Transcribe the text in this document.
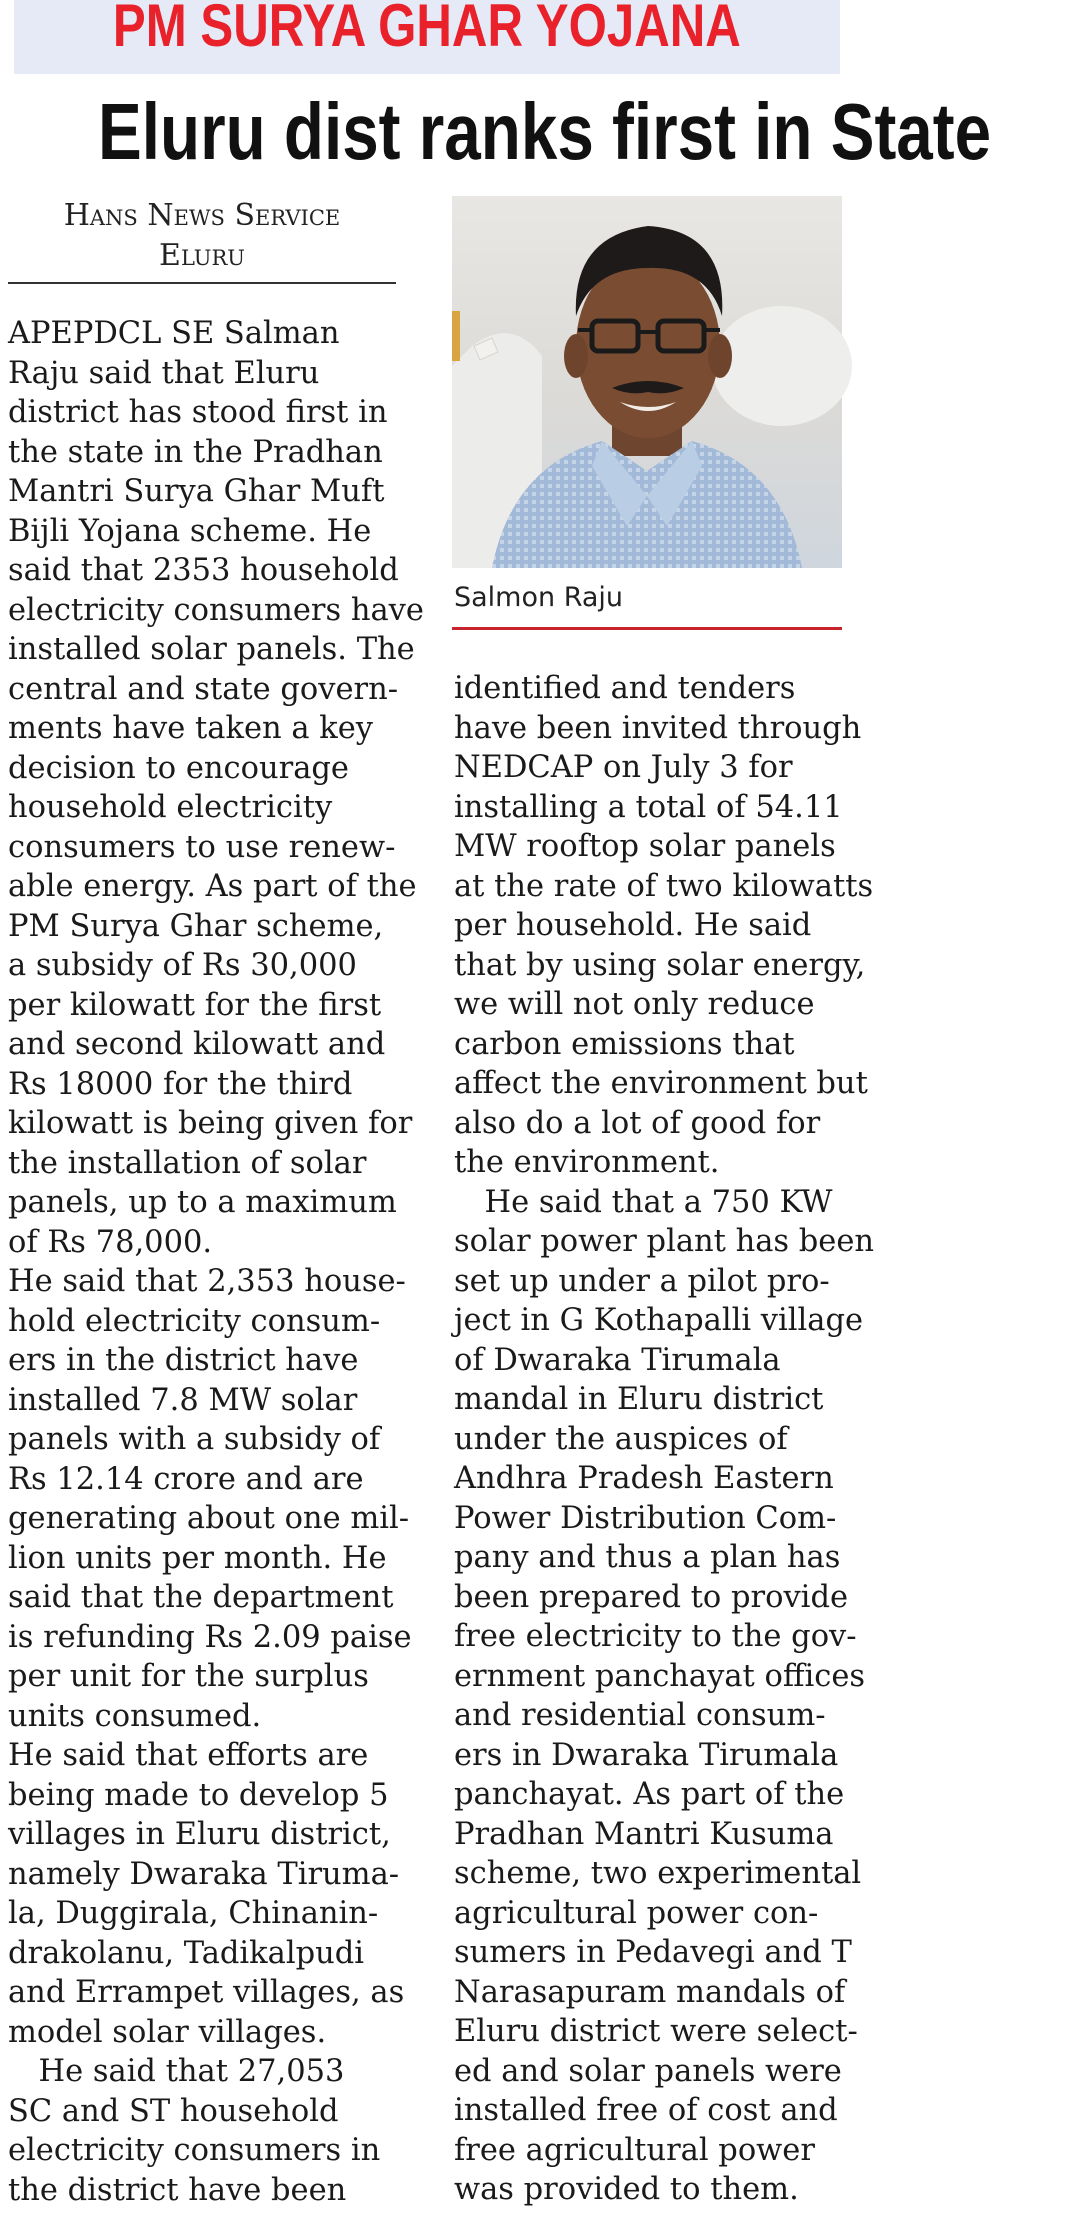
PM SURYA GHAR YOJANA
Eluru dist ranks first in State
Hans News Service
Eluru
Salmon Raju

APEPDCL SE Salman

Raju said that Eluru

district has stood first in

the state in the Pradhan

Mantri Surya Ghar Muft

Bijli Yojana scheme. He

said that 2353 household

electricity consumers have

installed solar panels. The

central and state govern-

ments have taken a key

decision to encourage

household electricity

consumers to use renew-

able energy. As part of the

PM Surya Ghar scheme,

a subsidy of Rs 30,000

per kilowatt for the first

and second kilowatt and

Rs 18000 for the third

kilowatt is being given for

the installation of solar

panels, up to a maximum

of Rs 78,000.

He said that 2,353 house-

hold electricity consum-

ers in the district have

installed 7.8 MW solar

panels with a subsidy of

Rs 12.14 crore and are

generating about one mil-

lion units per month. He

said that the department

is refunding Rs 2.09 paise

per unit for the surplus

units consumed.

He said that efforts are

being made to develop 5

villages in Eluru district,

namely Dwaraka Tiruma-

la, Duggirala, Chinanin-

drakolanu, Tadikalpudi

and Errampet villages, as

model solar villages.

 He said that 27,053

SC and ST household

electricity consumers in

the district have been

identified and tenders

have been invited through

NEDCAP on July 3 for

installing a total of 54.11

MW rooftop solar panels

at the rate of two kilowatts

per household. He said

that by using solar energy,

we will not only reduce

carbon emissions that

affect the environment but

also do a lot of good for

the environment.

 He said that a 750 KW

solar power plant has been

set up under a pilot pro-

ject in G Kothapalli village

of Dwaraka Tirumala

mandal in Eluru district

under the auspices of

Andhra Pradesh Eastern

Power Distribution Com-

pany and thus a plan has

been prepared to provide

free electricity to the gov-

ernment panchayat offices

and residential consum-

ers in Dwaraka Tirumala

panchayat. As part of the

Pradhan Mantri Kusuma

scheme, two experimental

agricultural power con-

sumers in Pedavegi and T

Narasapuram mandals of

Eluru district were select-

ed and solar panels were

installed free of cost and

free agricultural power

was provided to them.
